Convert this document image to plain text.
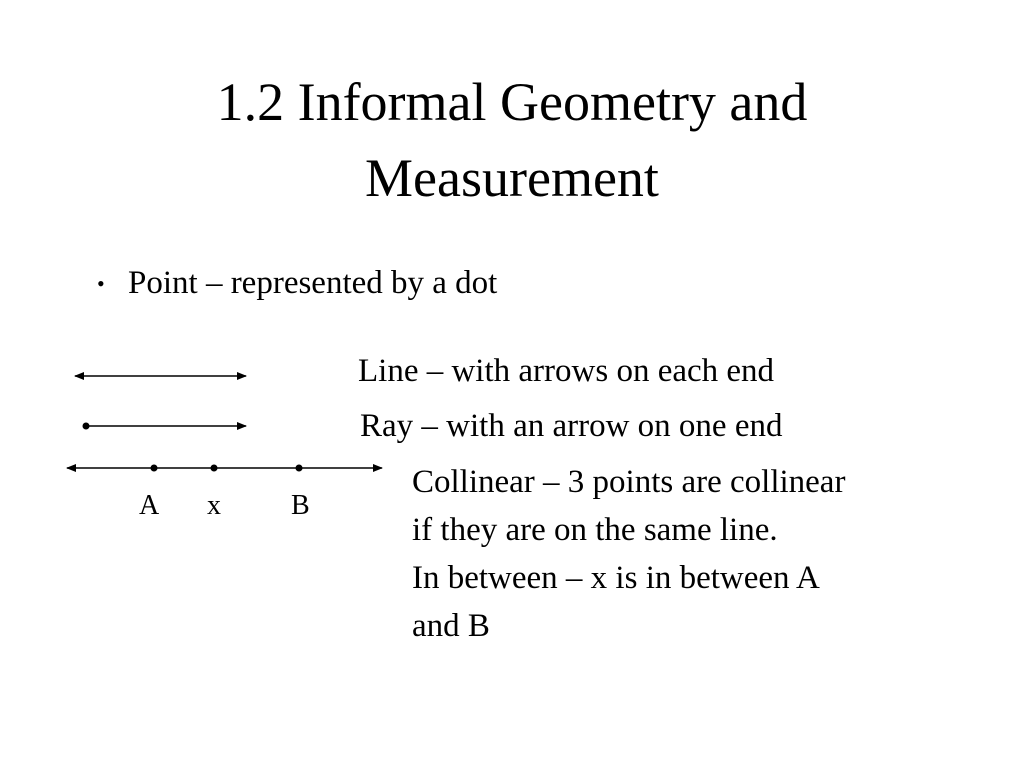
1.2 Informal Geometry and
Measurement
• Point – represented by a dot
A x	B
Line – with arrows on each end
Ray – with an arrow on one end
Collinear – 3 points are collinear
if they are on the same line.
In between – x is in between A
and B
